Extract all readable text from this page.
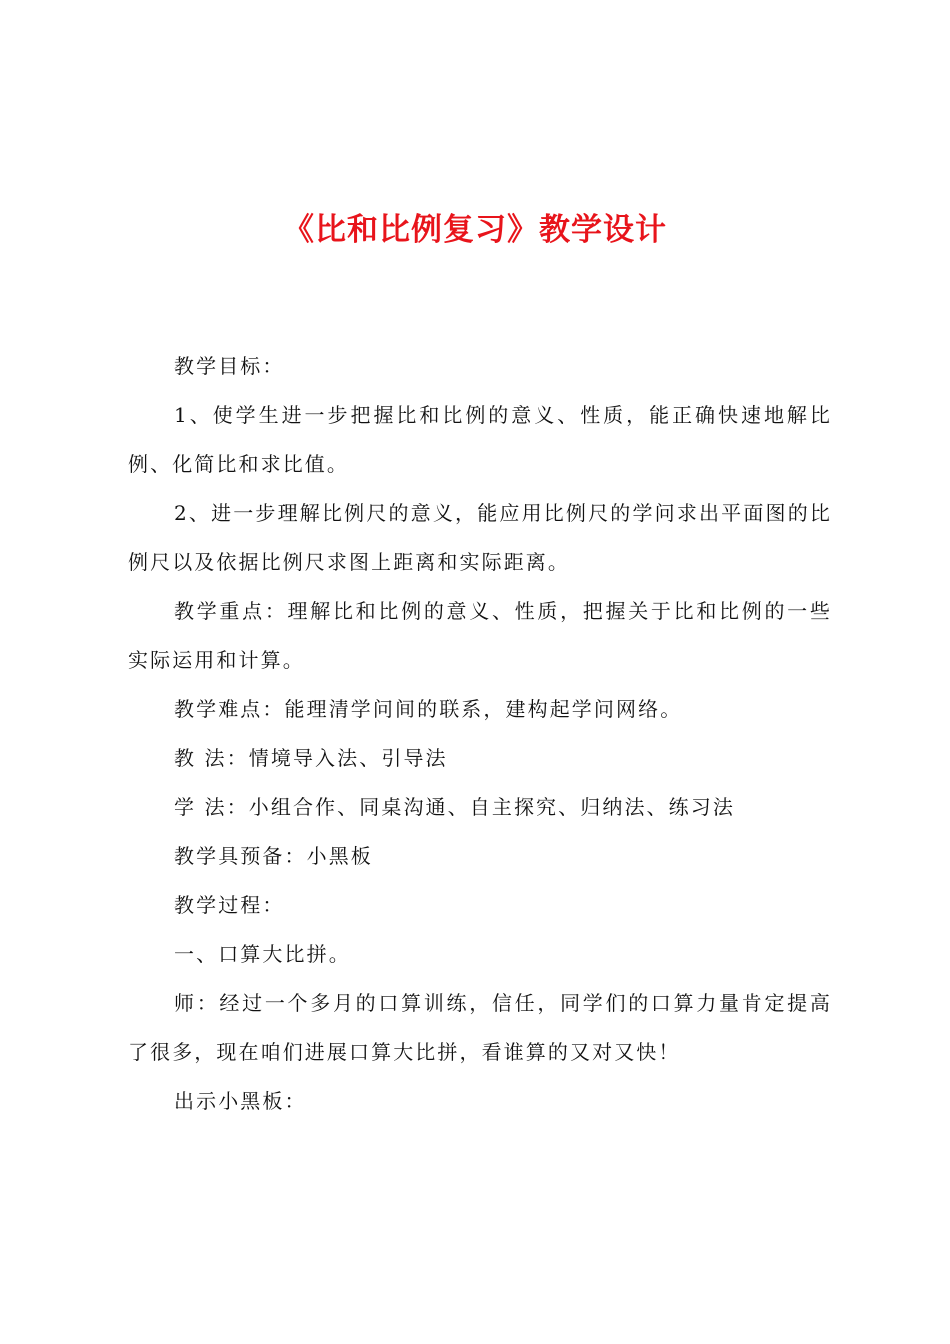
《比和比例复习》教学设计

教学目标：

1、使学生进一步把握比和比例的意义、性质，能正确快速地解比例、化简比和求比值。

2、进一步理解比例尺的意义，能应用比例尺的学问求出平面图的比例尺以及依据比例尺求图上距离和实际距离。

教学重点：理解比和比例的意义、性质，把握关于比和比例的一些实际运用和计算。

教学难点：能理清学问间的联系，建构起学问网络。

教 法：情境导入法、引导法

学 法：小组合作、同桌沟通、自主探究、归纳法、练习法

教学具预备：小黑板

教学过程：

一、口算大比拼。

师：经过一个多月的口算训练，信任，同学们的口算力量肯定提高了很多，现在咱们进展口算大比拼，看谁算的又对又快！

出示小黑板：
